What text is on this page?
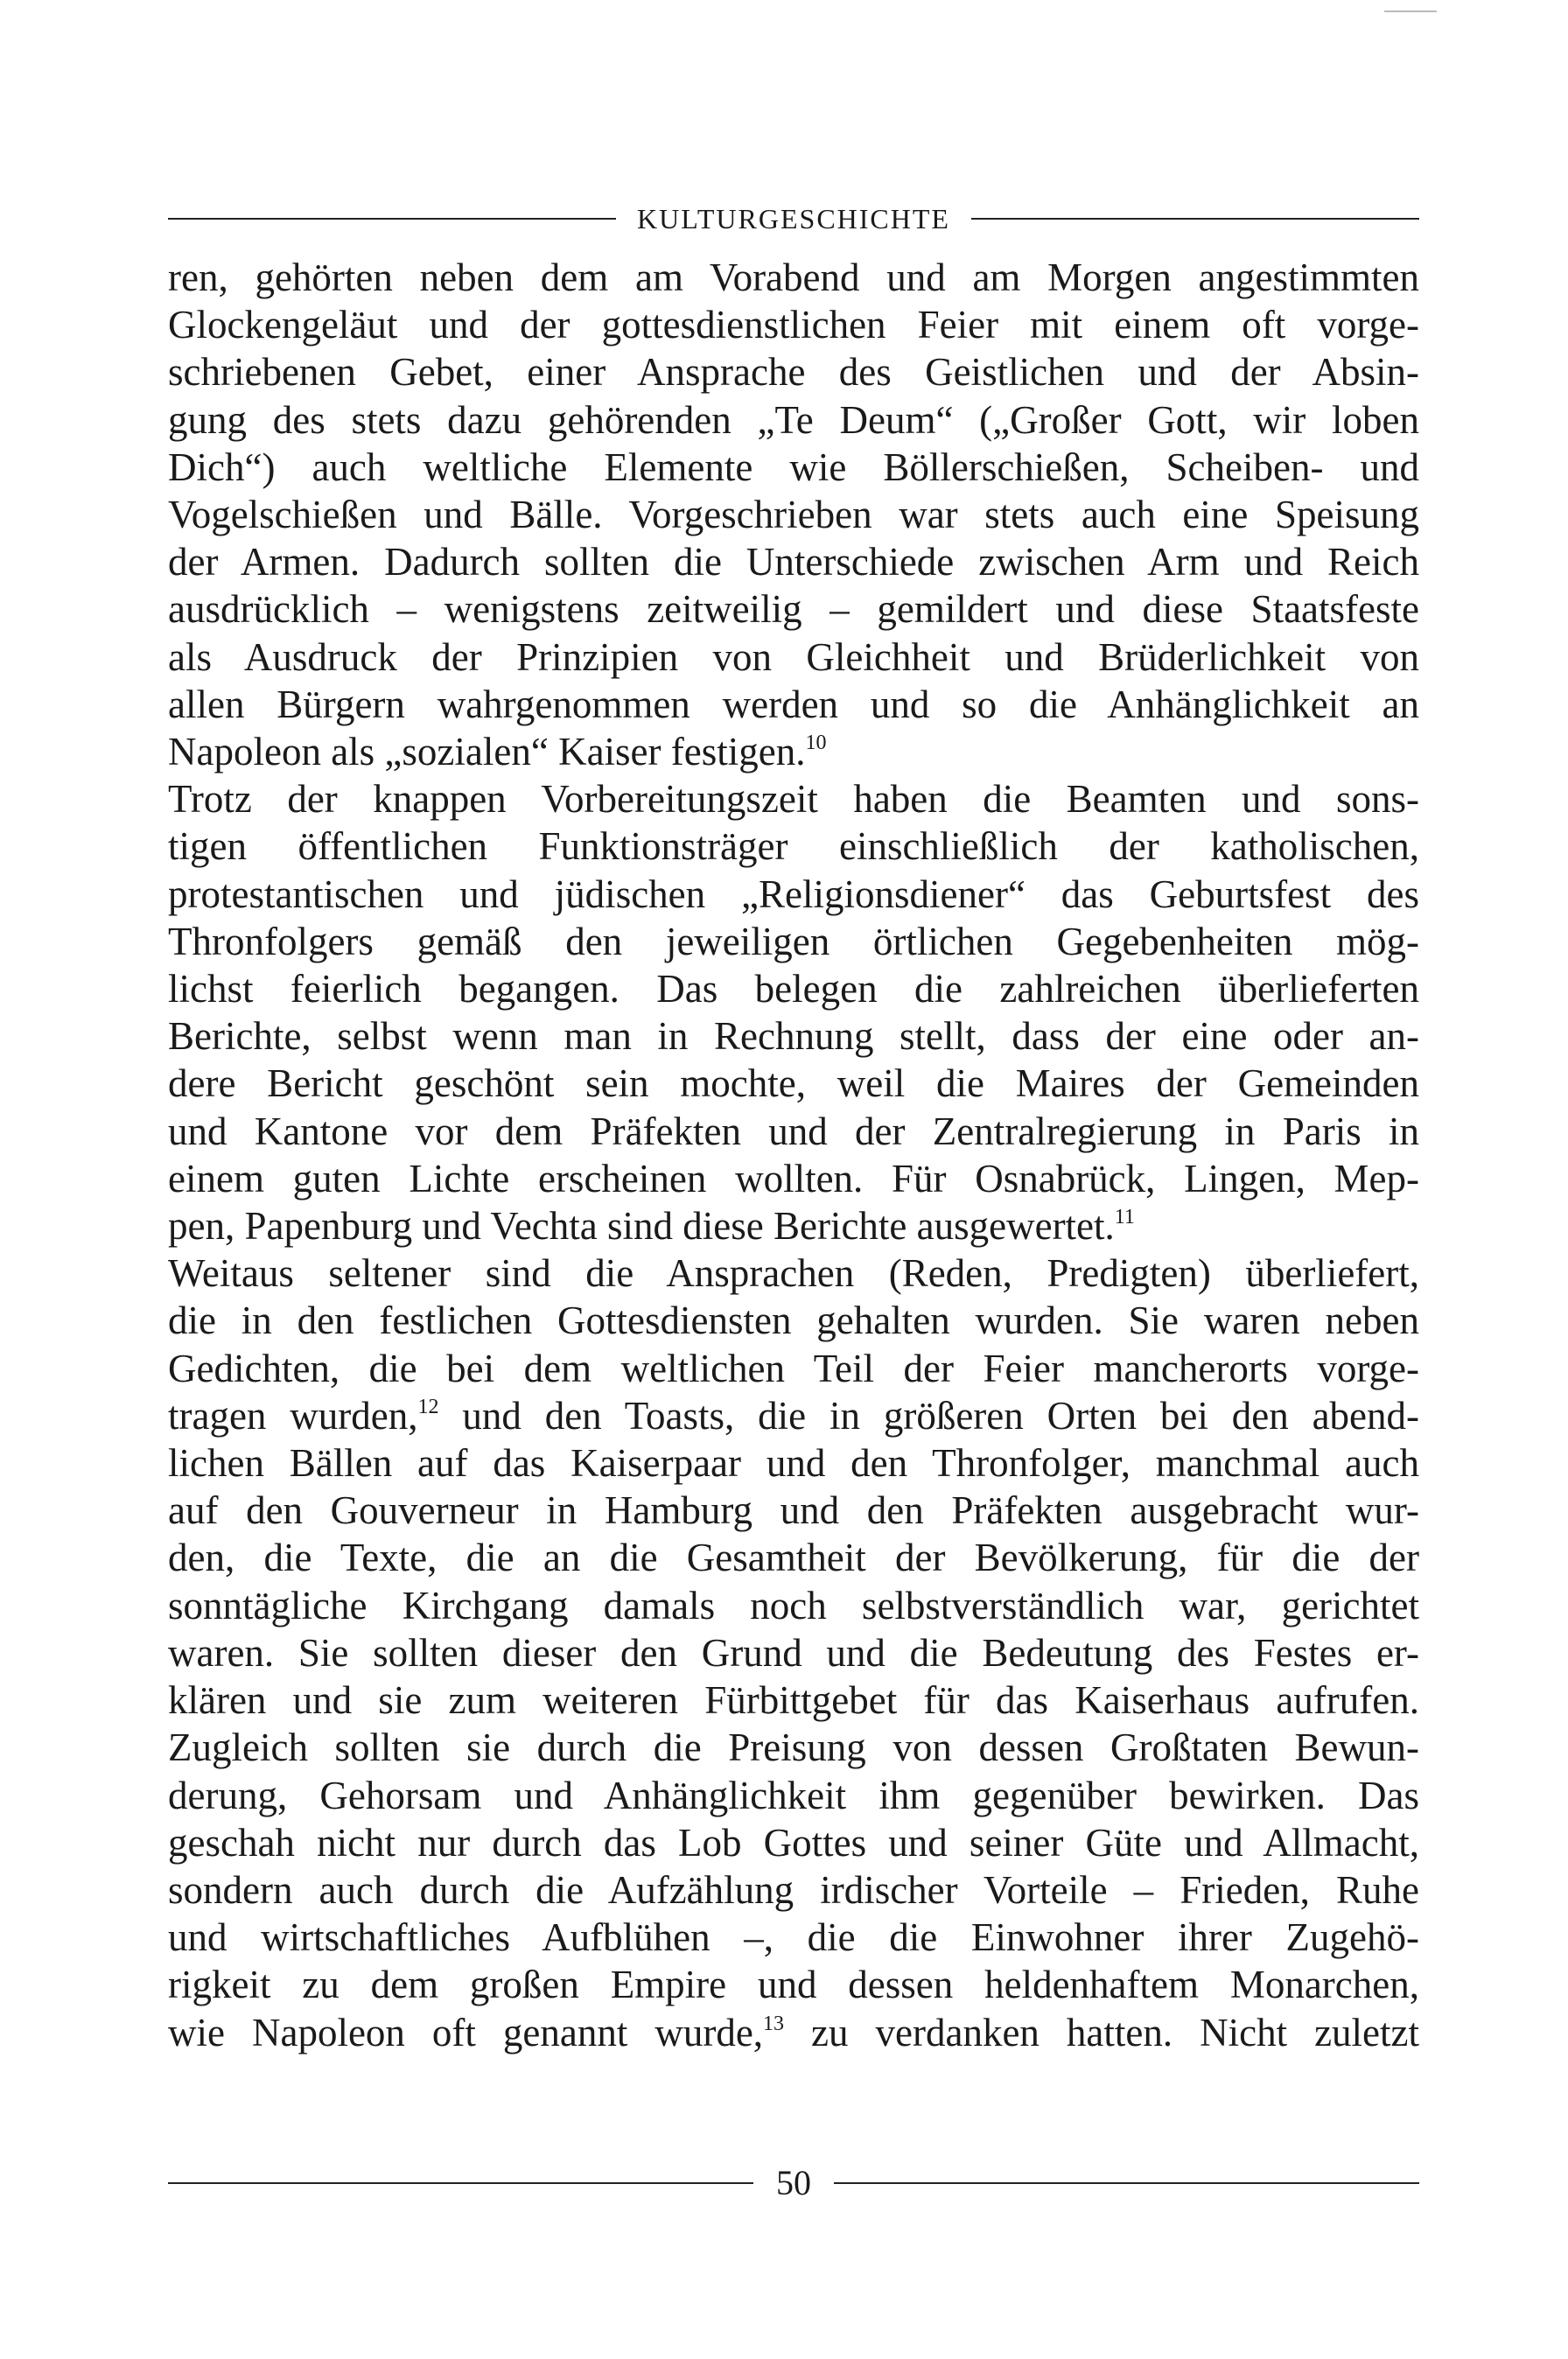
KULTURGESCHICHTE
ren, gehörten neben dem am Vorabend und am Morgen angestimmten
Glockengeläut und der gottesdienstlichen Feier mit einem oft vorge-
schriebenen Gebet, einer Ansprache des Geistlichen und der Absin-
gung des stets dazu gehörenden „Te Deum“ („Großer Gott, wir loben
Dich“) auch weltliche Elemente wie Böllerschießen, Scheiben- und
Vogelschießen und Bälle. Vorgeschrieben war stets auch eine Speisung
der Armen. Dadurch sollten die Unterschiede zwischen Arm und Reich
ausdrücklich – wenigstens zeitweilig – gemildert und diese Staatsfeste
als Ausdruck der Prinzipien von Gleichheit und Brüderlichkeit von
allen Bürgern wahrgenommen werden und so die Anhänglichkeit an
Napoleon als „sozialen“ Kaiser festigen.$^{10}$
Trotz der knappen Vorbereitungszeit haben die Beamten und sons-
tigen öffentlichen Funktionsträger einschließlich der katholischen,
protestantischen und jüdischen „Religionsdiener“ das Geburtsfest des
Thronfolgers gemäß den jeweiligen örtlichen Gegebenheiten mög-
lichst feierlich begangen. Das belegen die zahlreichen überlieferten
Berichte, selbst wenn man in Rechnung stellt, dass der eine oder an-
dere Bericht geschönt sein mochte, weil die Maires der Gemeinden
und Kantone vor dem Präfekten und der Zentralregierung in Paris in
einem guten Lichte erscheinen wollten. Für Osnabrück, Lingen, Mep-
pen, Papenburg und Vechta sind diese Berichte ausgewertet.$^{11}$
Weitaus seltener sind die Ansprachen (Reden, Predigten) überliefert,
die in den festlichen Gottesdiensten gehalten wurden. Sie waren neben
Gedichten, die bei dem weltlichen Teil der Feier mancherorts vorge-
tragen wurden,$^{12}$ und den Toasts, die in größeren Orten bei den abend-
lichen Bällen auf das Kaiserpaar und den Thronfolger, manchmal auch
auf den Gouverneur in Hamburg und den Präfekten ausgebracht wur-
den, die Texte, die an die Gesamtheit der Bevölkerung, für die der
sonntägliche Kirchgang damals noch selbstverständlich war, gerichtet
waren. Sie sollten dieser den Grund und die Bedeutung des Festes er-
klären und sie zum weiteren Fürbittgebet für das Kaiserhaus aufrufen.
Zugleich sollten sie durch die Preisung von dessen Großtaten Bewun-
derung, Gehorsam und Anhänglichkeit ihm gegenüber bewirken. Das
geschah nicht nur durch das Lob Gottes und seiner Güte und Allmacht,
sondern auch durch die Aufzählung irdischer Vorteile – Frieden, Ruhe
und wirtschaftliches Aufblühen –, die die Einwohner ihrer Zugehö-
rigkeit zu dem großen Empire und dessen heldenhaftem Monarchen,
wie Napoleon oft genannt wurde,$^{13}$ zu verdanken hatten. Nicht zuletzt
50
